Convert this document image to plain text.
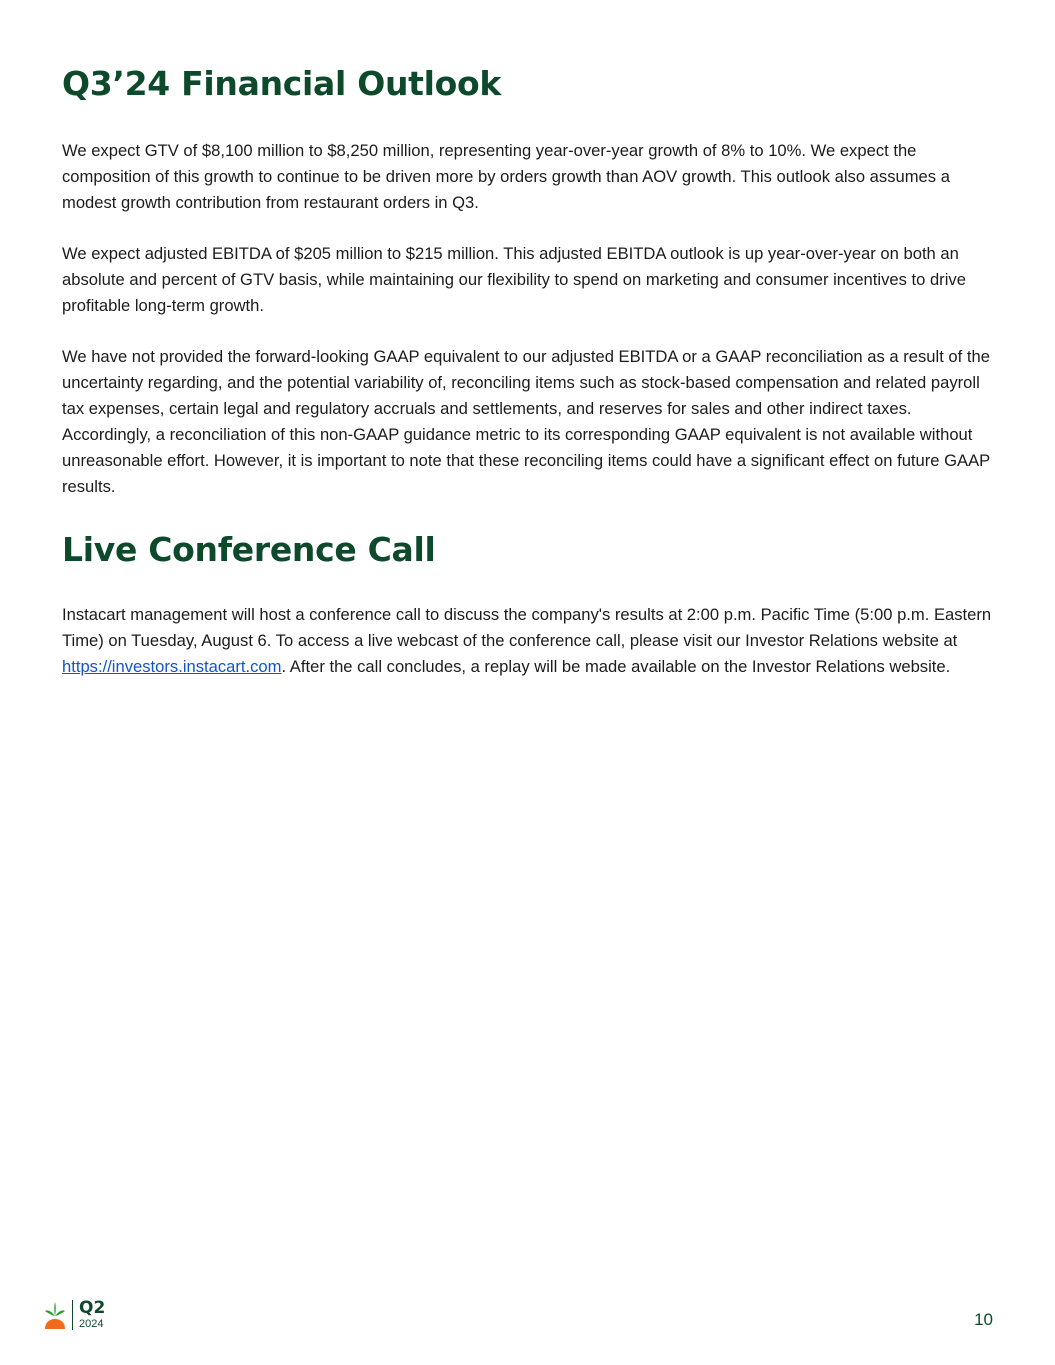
Q3’24 Financial Outlook

We expect GTV of $8,100 million to $8,250 million, representing year-over-year growth of 8% to 10%. We expect the composition of this growth to continue to be driven more by orders growth than AOV growth. This outlook also assumes a modest growth contribution from restaurant orders in Q3.

We expect adjusted EBITDA of $205 million to $215 million. This adjusted EBITDA outlook is up year-over-year on both an absolute and percent of GTV basis, while maintaining our flexibility to spend on marketing and consumer incentives to drive profitable long-term growth.

We have not provided the forward-looking GAAP equivalent to our adjusted EBITDA or a GAAP reconciliation as a result of the uncertainty regarding, and the potential variability of, reconciling items such as stock-based compensation and related payroll tax expenses, certain legal and regulatory accruals and settlements, and reserves for sales and other indirect taxes. Accordingly, a reconciliation of this non-GAAP guidance metric to its corresponding GAAP equivalent is not available without unreasonable effort. However, it is important to note that these reconciling items could have a significant effect on future GAAP results.

Live Conference Call

Instacart management will host a conference call to discuss the company's results at 2:00 p.m. Pacific Time (5:00 p.m. Eastern Time) on Tuesday, August 6. To access a live webcast of the conference call, please visit our Investor Relations website at https://investors.instacart.com. After the call concludes, a replay will be made available on the Investor Relations website.

Q2
2024	10
